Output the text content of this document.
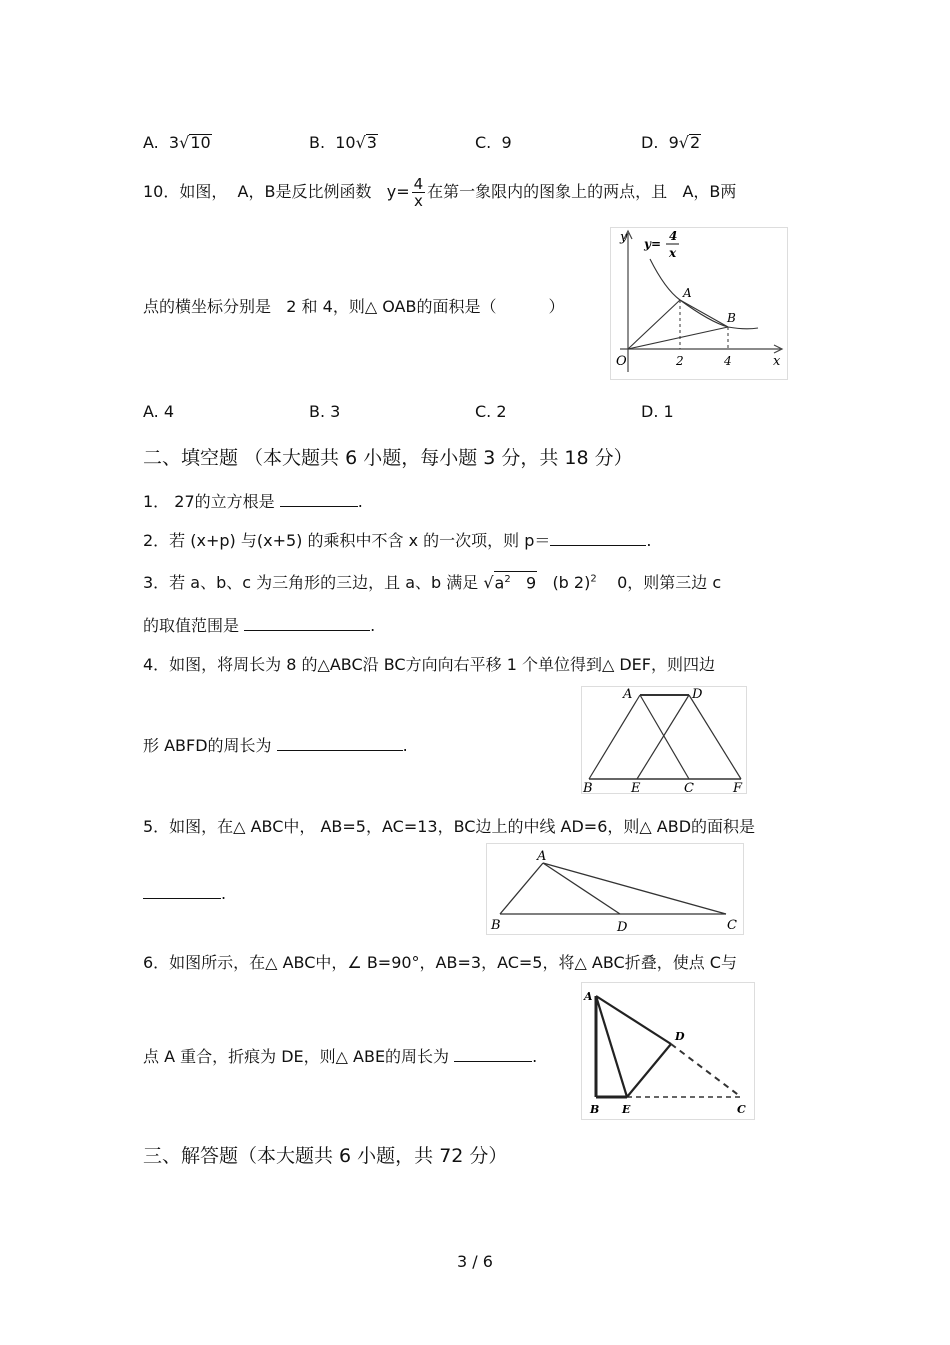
A. 3√10	B. 10√3	C. 9	D. 9√2
10．如图， A，B是反比例函数 $y= \frac{4}{x}$ 在第一象限内的图象上的两点，且 A，B两
点的横坐标分别是 2 和 4，则△ OAB的面积是（	）
y y=
4
x
A
B
O	x
2	4
A. 4	B. 3	C. 2	D. 1
二、填空题 （本大题共 6 小题，每小题 3 分，共 18 分）
1． 27的立方根是	.
2．若 (x+p) 与(x+5) 的乘积中不含 x 的一次项，则 p＝	.
3．若 a、b、c 为三角形的三边，且 a、b 满足 $√a^2$ 9 (b 2)$^2$ 0，则第三边 c
的取值范围是	.
4．如图，将周长为 8 的△ABC沿 BC方向向右平移 1 个单位得到△ DEF，则四边
形 ABFD的周长为	.
A	D
B	E	C	F
5．如图，在△ ABC中， AB=5，AC=13，BC边上的中线 AD=6，则△ ABD的面积是
.
A
B	D	C
6．如图所示，在△ ABC中，∠ B=90°，AB=3，AC=5，将△ ABC折叠，使点 C与
点 A 重合，折痕为 DE，则△ ABE的周长为	.
A
D
B E	C
三、解答题（本大题共 6 小题，共 72 分）
3 / 6
